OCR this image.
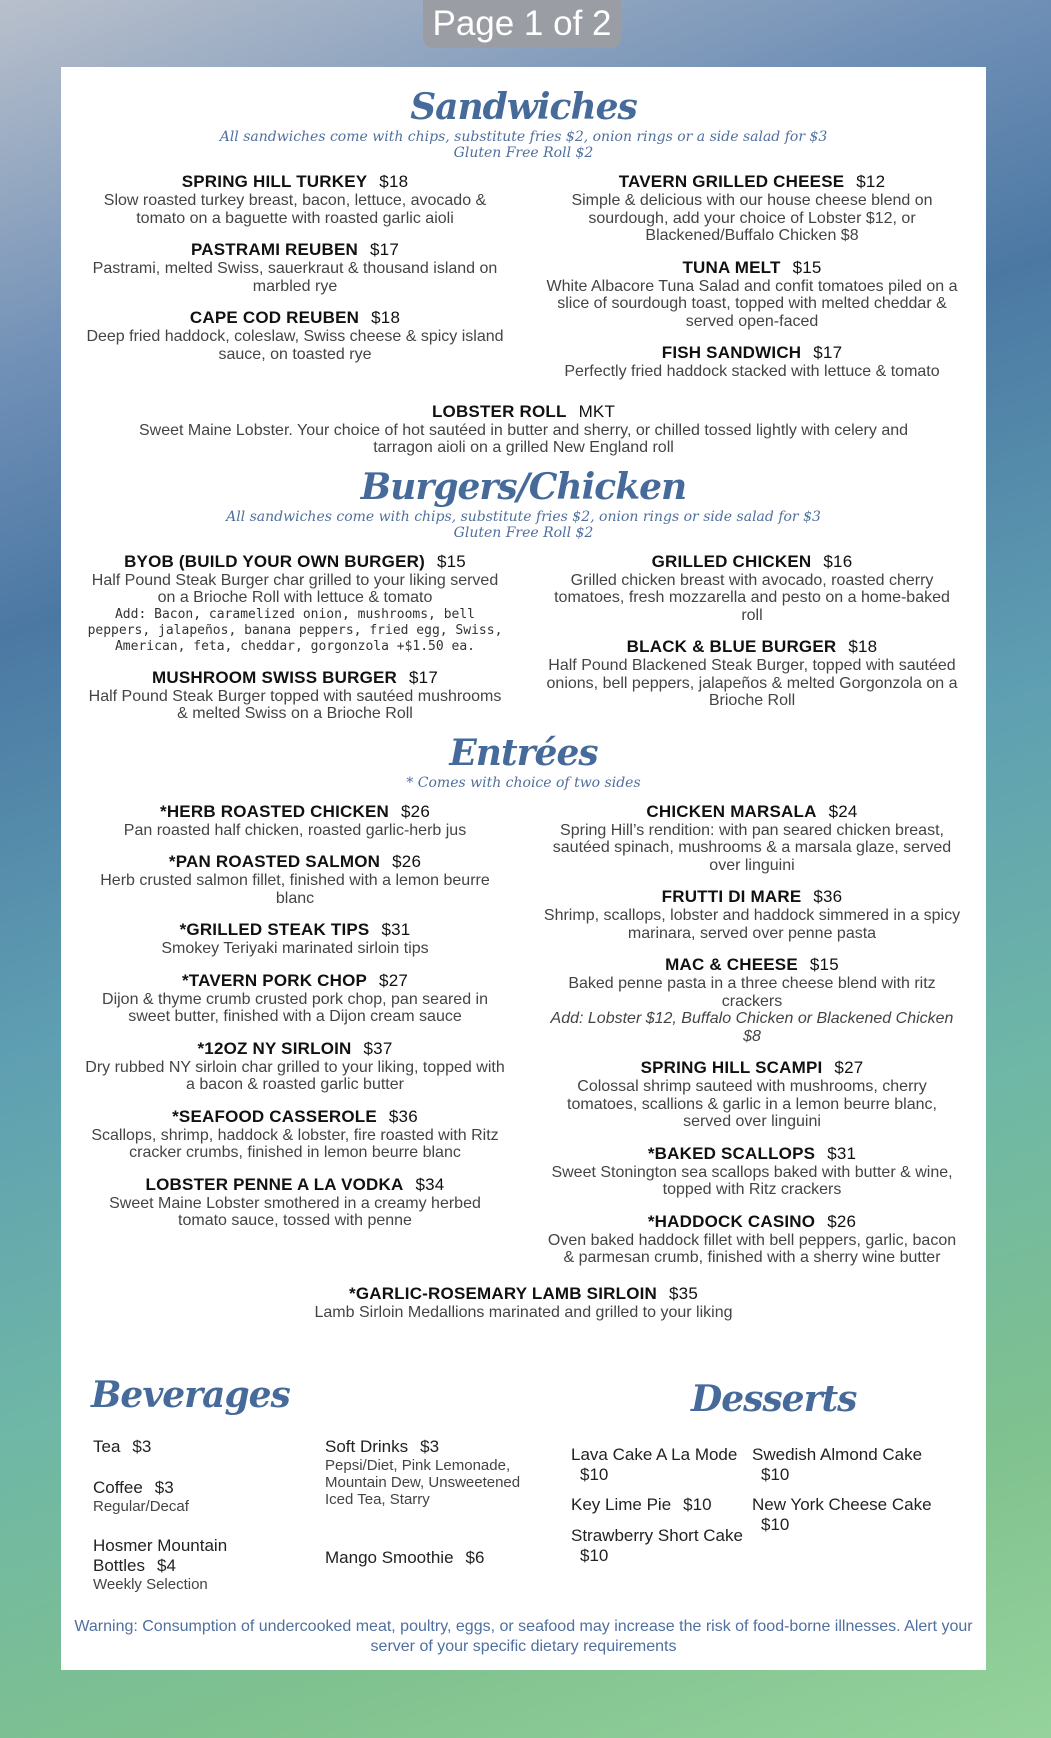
Page 1 of 2
Sandwiches

All sandwiches come with chips, substitute fries $2, onion rings or a side salad for $3

Gluten Free Roll $2

SPRING HILL TURKEY $18
Slow roasted turkey breast, bacon, lettuce, avocado & tomato on a baguette with roasted garlic aioli
PASTRAMI REUBEN $17
Pastrami, melted Swiss, sauerkraut & thousand island on marbled rye
CAPE COD REUBEN $18
Deep fried haddock, coleslaw, Swiss cheese & spicy island sauce, on toasted rye
TAVERN GRILLED CHEESE $12
Simple & delicious with our house cheese blend on sourdough, add your choice of Lobster $12, or Blackened/Buffalo Chicken $8
TUNA MELT $15
White Albacore Tuna Salad and confit tomatoes piled on a slice of sourdough toast, topped with melted cheddar & served open-faced
FISH SANDWICH $17
Perfectly fried haddock stacked with lettuce & tomato
LOBSTER ROLL MKT
Sweet Maine Lobster. Your choice of hot sautéed in butter and sherry, or chilled tossed lightly with celery and tarragon aioli on a grilled New England roll
Burgers/Chicken

All sandwiches come with chips, substitute fries $2, onion rings or side salad for $3

Gluten Free Roll $2

BYOB (BUILD YOUR OWN BURGER) $15
Half Pound Steak Burger char grilled to your liking served on a Brioche Roll with lettuce & tomato
Add: Bacon, caramelized onion, mushrooms, bell peppers, jalapeños, banana peppers, fried egg, Swiss, American, feta, cheddar, gorgonzola +$1.50 ea.
MUSHROOM SWISS BURGER $17
Half Pound Steak Burger topped with sautéed mushrooms & melted Swiss on a Brioche Roll
GRILLED CHICKEN $16
Grilled chicken breast with avocado, roasted cherry tomatoes, fresh mozzarella and pesto on a home-baked roll
BLACK & BLUE BURGER $18
Half Pound Blackened Steak Burger, topped with sautéed onions, bell peppers, jalapeños & melted Gorgonzola on a Brioche Roll
Entrées

* Comes with choice of two sides

*HERB ROASTED CHICKEN $26
Pan roasted half chicken, roasted garlic-herb jus
*PAN ROASTED SALMON $26
Herb crusted salmon fillet, finished with a lemon beurre blanc
*GRILLED STEAK TIPS $31
Smokey Teriyaki marinated sirloin tips
*TAVERN PORK CHOP $27
Dijon & thyme crumb crusted pork chop, pan seared in sweet butter, finished with a Dijon cream sauce
*12OZ NY SIRLOIN $37
Dry rubbed NY sirloin char grilled to your liking, topped with a bacon & roasted garlic butter
*SEAFOOD CASSEROLE $36
Scallops, shrimp, haddock & lobster, fire roasted with Ritz cracker crumbs, finished in lemon beurre blanc
LOBSTER PENNE A LA VODKA $34
Sweet Maine Lobster smothered in a creamy herbed tomato sauce, tossed with penne
CHICKEN MARSALA $24
Spring Hill’s rendition: with pan seared chicken breast, sautéed spinach, mushrooms & a marsala glaze, served over linguini
FRUTTI DI MARE $36
Shrimp, scallops, lobster and haddock simmered in a spicy marinara, served over penne pasta
MAC & CHEESE $15
Baked penne pasta in a three cheese blend with ritz crackers
Add: Lobster $12, Buffalo Chicken or Blackened Chicken $8
SPRING HILL SCAMPI $27
Colossal shrimp sauteed with mushrooms, cherry tomatoes, scallions & garlic in a lemon beurre blanc, served over linguini
*BAKED SCALLOPS $31
Sweet Stonington sea scallops baked with butter & wine, topped with Ritz crackers
*HADDOCK CASINO $26
Oven baked haddock fillet with bell peppers, garlic, bacon & parmesan crumb, finished with a sherry wine butter
*GARLIC-ROSEMARY LAMB SIRLOIN $35
Lamb Sirloin Medallions marinated and grilled to your liking
Beverages	Desserts
Tea $3
Coffee $3
Regular/Decaf
Hosmer Mountain
Bottles $4
Weekly Selection
Soft Drinks $3
Pepsi/Diet, Pink Lemonade, Mountain Dew, Unsweetened Iced Tea, Starry
Mango Smoothie $6
Lava Cake A La Mode
$10
Key Lime Pie $10
Strawberry Short Cake
$10
Swedish Almond Cake
$10
New York Cheese Cake
$10
Warning: Consumption of undercooked meat, poultry, eggs, or seafood may increase the risk of food-borne illnesses. Alert your server of your specific dietary requirements
